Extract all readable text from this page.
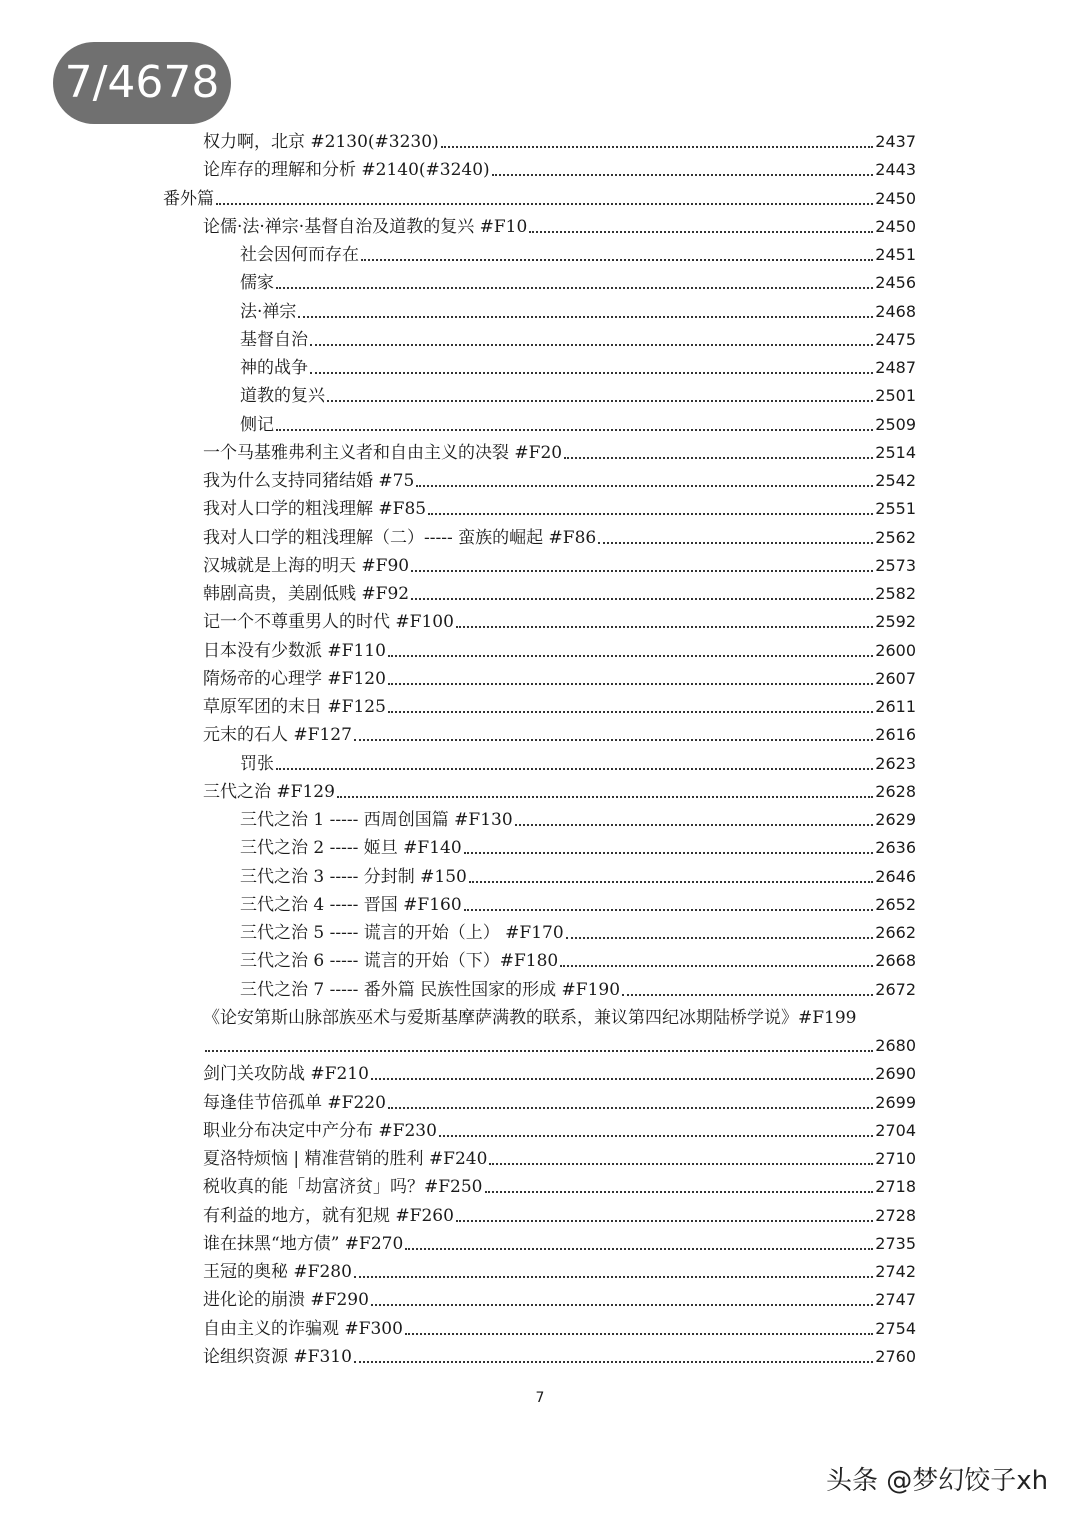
7/4678
权力啊，北京 #2130(#3230)	2437
论库存的理解和分析 #2140(#3240)	2443
番外篇	2450
论儒·法·禅宗·基督自治及道教的复兴 #F10	2450
社会因何而存在	2451
儒家	2456
法·禅宗	2468
基督自治	2475
神的战争	2487
道教的复兴	2501
侧记	2509
一个马基雅弗利主义者和自由主义的决裂 #F20	2514
我为什么支持同猪结婚 #75	2542
我对人口学的粗浅理解 #F85	2551
我对人口学的粗浅理解（二）----- 蛮族的崛起 #F86	2562
汉城就是上海的明天 #F90	2573
韩剧高贵，美剧低贱 #F92	2582
记一个不尊重男人的时代 #F100	2592
日本没有少数派 #F110	2600
隋炀帝的心理学 #F120	2607
草原军团的末日 #F125	2611
元末的石人 #F127	2616
罚张	2623
三代之治 #F129	2628
三代之治 1 ----- 西周创国篇 #F130	2629
三代之治 2 ----- 姬旦 #F140	2636
三代之治 3 ----- 分封制 #150	2646
三代之治 4 ----- 晋国 #F160	2652
三代之治 5 ----- 谎言的开始（上） #F170	2662
三代之治 6 ----- 谎言的开始（下）#F180	2668
三代之治 7 ----- 番外篇 民族性国家的形成 #F190	2672
《论安第斯山脉部族巫术与爱斯基摩萨满教的联系，兼议第四纪冰期陆桥学说》#F199
2680
剑门关攻防战 #F210	2690
每逢佳节倍孤单 #F220	2699
职业分布决定中产分布 #F230	2704
夏洛特烦恼 | 精准营销的胜利 #F240	2710
税收真的能「劫富济贫」吗？#F250	2718
有利益的地方，就有犯规 #F260	2728
谁在抹黑“地方债” #F270	2735
王冠的奥秘 #F280	2742
进化论的崩溃 #F290	2747
自由主义的诈骗观 #F300	2754
论组织资源 #F310	2760
7
头条 @梦幻饺子xh
